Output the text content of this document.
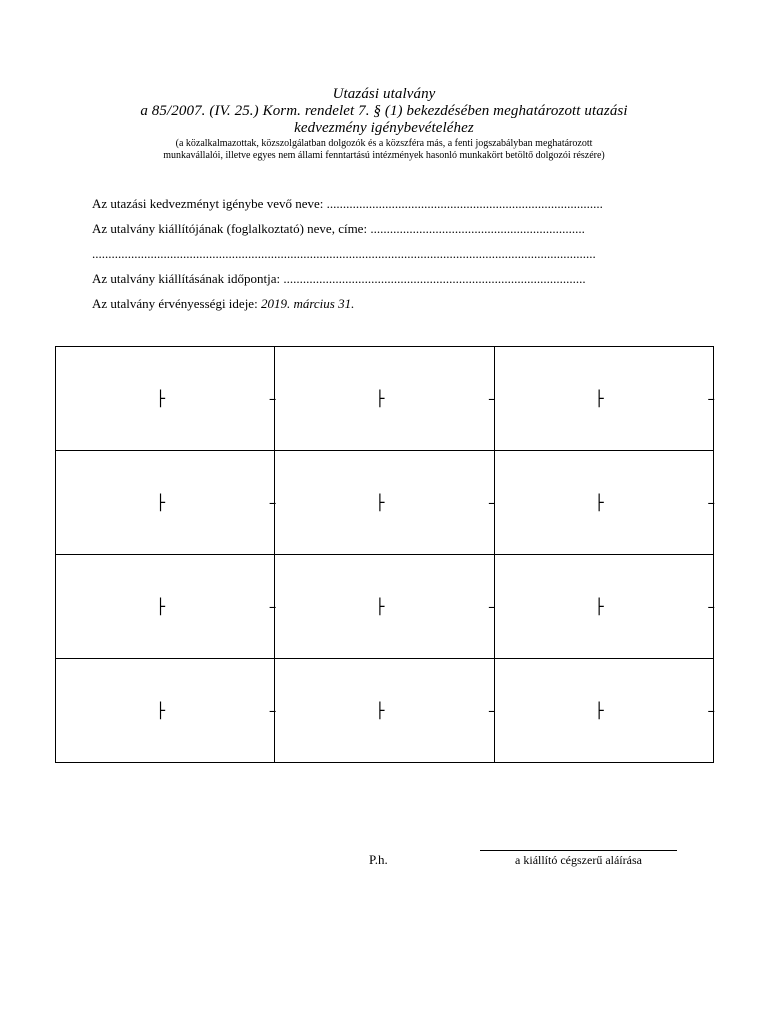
Utazási utalvány

a 85/2007. (IV. 25.) Korm. rendelet 7. § (1) bekezdésében meghatározott utazási

kedvezmény igénybevételéhez

(a közalkalmazottak, közszolgálatban dolgozók és a közszféra más, a fenti jogszabályban meghatározott

munkavállalói, illetve egyes nem állami fenntartású intézmények hasonló munkakört betöltő dolgozói részére)

Az utazási kedvezményt igénybe vevő neve: .....................................................................................
Az utalvány kiállítójának (foglalkoztató) neve, címe: ..................................................................
...........................................................................................................................................................
Az utalvány kiállításának időpontja: .............................................................................................
Az utalvány érvényességi ideje: 2019. március 31.
├ –	├ –	├ –

├ –	├ –	├ –

├ –	├ –	├ –

├ –	├ –	├ –
P.h.	a kiállító cégszerű aláírása
